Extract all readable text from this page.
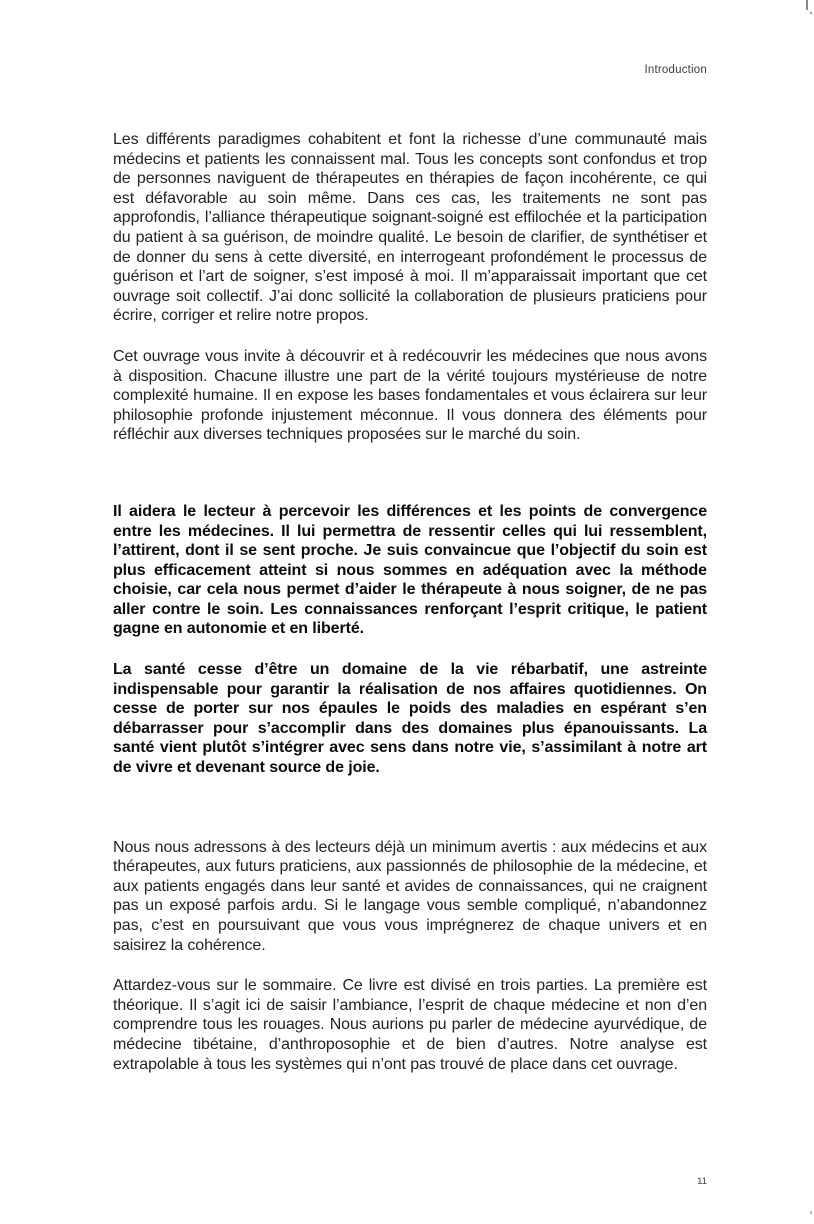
Introduction

Les différents paradigmes cohabitent et font la richesse d’une communauté mais médecins et patients les connaissent mal. Tous les concepts sont confondus et trop de personnes naviguent de thérapeutes en thérapies de façon incohérente, ce qui est défavorable au soin même. Dans ces cas, les traitements ne sont pas approfondis, l’alliance thérapeutique soignant-soigné est effilochée et la participation du patient à sa guérison, de moindre qualité. Le besoin de clarifier, de synthétiser et de donner du sens à cette diversité, en interrogeant profondément le processus de guérison et l’art de soigner, s’est imposé à moi. Il m’apparaissait important que cet ouvrage soit collectif. J’ai donc sollicité la collaboration de plusieurs praticiens pour écrire, corriger et relire notre propos.

Cet ouvrage vous invite à découvrir et à redécouvrir les médecines que nous avons à disposition. Chacune illustre une part de la vérité toujours mystérieuse de notre complexité humaine. Il en expose les bases fondamentales et vous éclairera sur leur philosophie profonde injustement méconnue. Il vous donnera des éléments pour réfléchir aux diverses techniques proposées sur le marché du soin.

Il aidera le lecteur à percevoir les différences et les points de convergence entre les médecines. Il lui permettra de ressentir celles qui lui ressemblent, l’attirent, dont il se sent proche. Je suis convaincue que l’objectif du soin est plus efficacement atteint si nous sommes en adéquation avec la méthode choisie, car cela nous permet d’aider le thérapeute à nous soigner, de ne pas aller contre le soin. Les connaissances renforçant l’esprit critique, le patient gagne en autonomie et en liberté.

La santé cesse d’être un domaine de la vie rébarbatif, une astreinte indispensable pour garantir la réalisation de nos affaires quotidiennes. On cesse de porter sur nos épaules le poids des maladies en espérant s’en débarrasser pour s’accomplir dans des domaines plus épanouissants. La santé vient plutôt s’intégrer avec sens dans notre vie, s’assimilant à notre art de vivre et devenant source de joie.

Nous nous adressons à des lecteurs déjà un minimum avertis : aux médecins et aux thérapeutes, aux futurs praticiens, aux passionnés de philosophie de la médecine, et aux patients engagés dans leur santé et avides de connaissances, qui ne craignent pas un exposé parfois ardu. Si le langage vous semble compliqué, n’abandonnez pas, c’est en poursuivant que vous vous imprégnerez de chaque univers et en saisirez la cohérence.

Attardez-vous sur le sommaire. Ce livre est divisé en trois parties. La première est théorique. Il s’agit ici de saisir l’ambiance, l’esprit de chaque médecine et non d’en comprendre tous les rouages. Nous aurions pu parler de médecine ayurvédique, de médecine tibétaine, d’anthroposophie et de bien d’autres. Notre analyse est extrapolable à tous les systèmes qui n’ont pas trouvé de place dans cet ouvrage.

11
